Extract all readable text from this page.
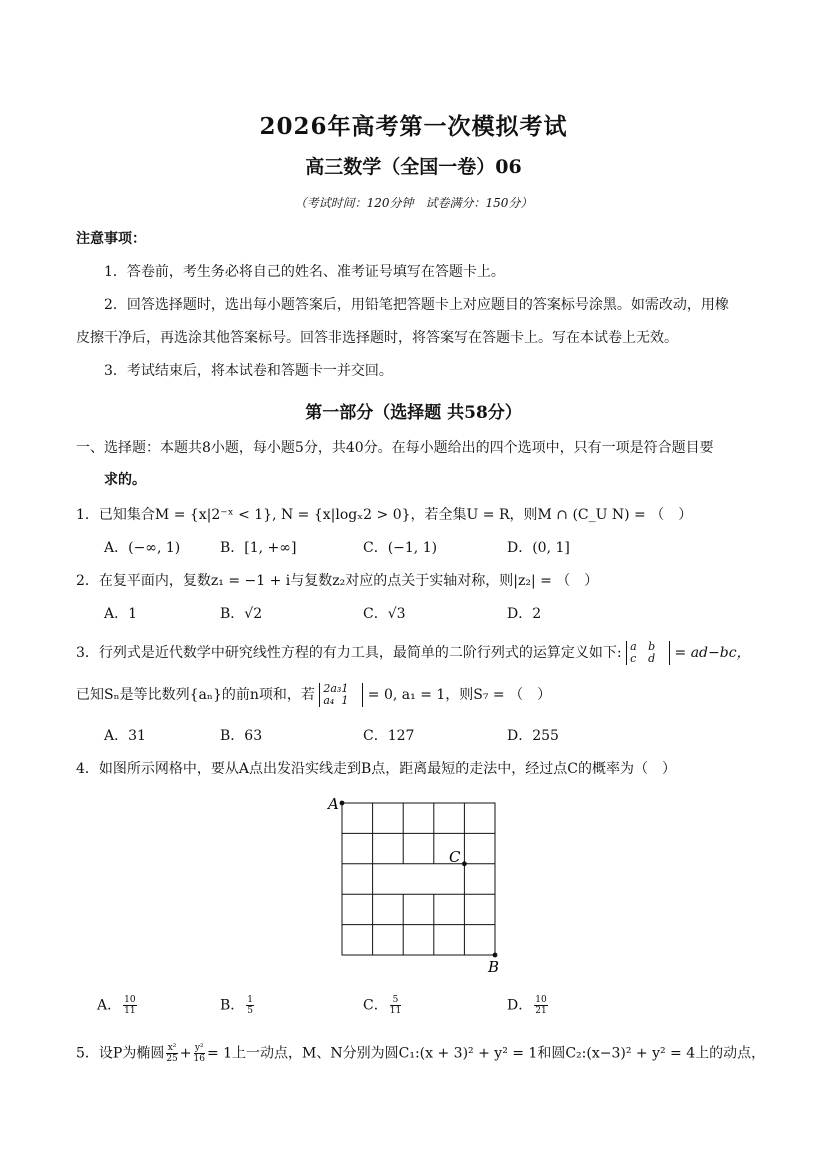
2026年高考第一次模拟考试
高三数学（全国一卷）06
（考试时间：120分钟　试卷满分：150分）
注意事项：
1．答卷前，考生务必将自己的姓名、准考证号填写在答题卡上。
2．回答选择题时，选出每小题答案后，用铅笔把答题卡上对应题目的答案标号涂黑。如需改动，用橡
皮擦干净后，再选涂其他答案标号。回答非选择题时，将答案写在答题卡上。写在本试卷上无效。
3．考试结束后，将本试卷和答题卡一并交回。
第一部分（选择题 共58分）
一、选择题：本题共8小题，每小题5分，共40分。在每小题给出的四个选项中，只有一项是符合题目要
求的。
1．已知集合M = {x|2⁻ˣ < 1}, N = {x|logₓ2 > 0}，若全集U = R，则M ∩ (C_U N) = （　）
A．(−∞, 1)	B．[1, +∞]	C．(−1, 1)	D．(0, 1]
2．在复平面内，复数z₁ = −1 + i与复数z₂对应的点关于实轴对称，则|z₂| = （　）
A．1	B．√2	C．√3	D．2
3．行列式是近代数学中研究线性方程的有力工具，最简单的二阶行列式的运算定义如下: a b
c d = ad−bc，
已知Sₙ是等比数列{aₙ}的前n项和，若 2a₃1
a₄ 1 = 0, a₁ = 1，则S₇ = （　）
A．31	B．63	C．127	D．255
4．如图所示网格中，要从A点出发沿实线走到B点，距离最短的走法中，经过点C的概率为（　）
A
C
B
A． $\frac{10}{11}$	B． $\frac{1}{5}$	C． $\frac{5}{11}$	D． $\frac{10}{21}$
5．设P为椭圆 $\frac{\text{x²}}{25} + \frac{\text{y²}}{16} = 1$上一动点，M、N分别为圆C₁:(x + 3)² + y² = 1和圆C₂:(x−3)² + y² = 4上的动点，
